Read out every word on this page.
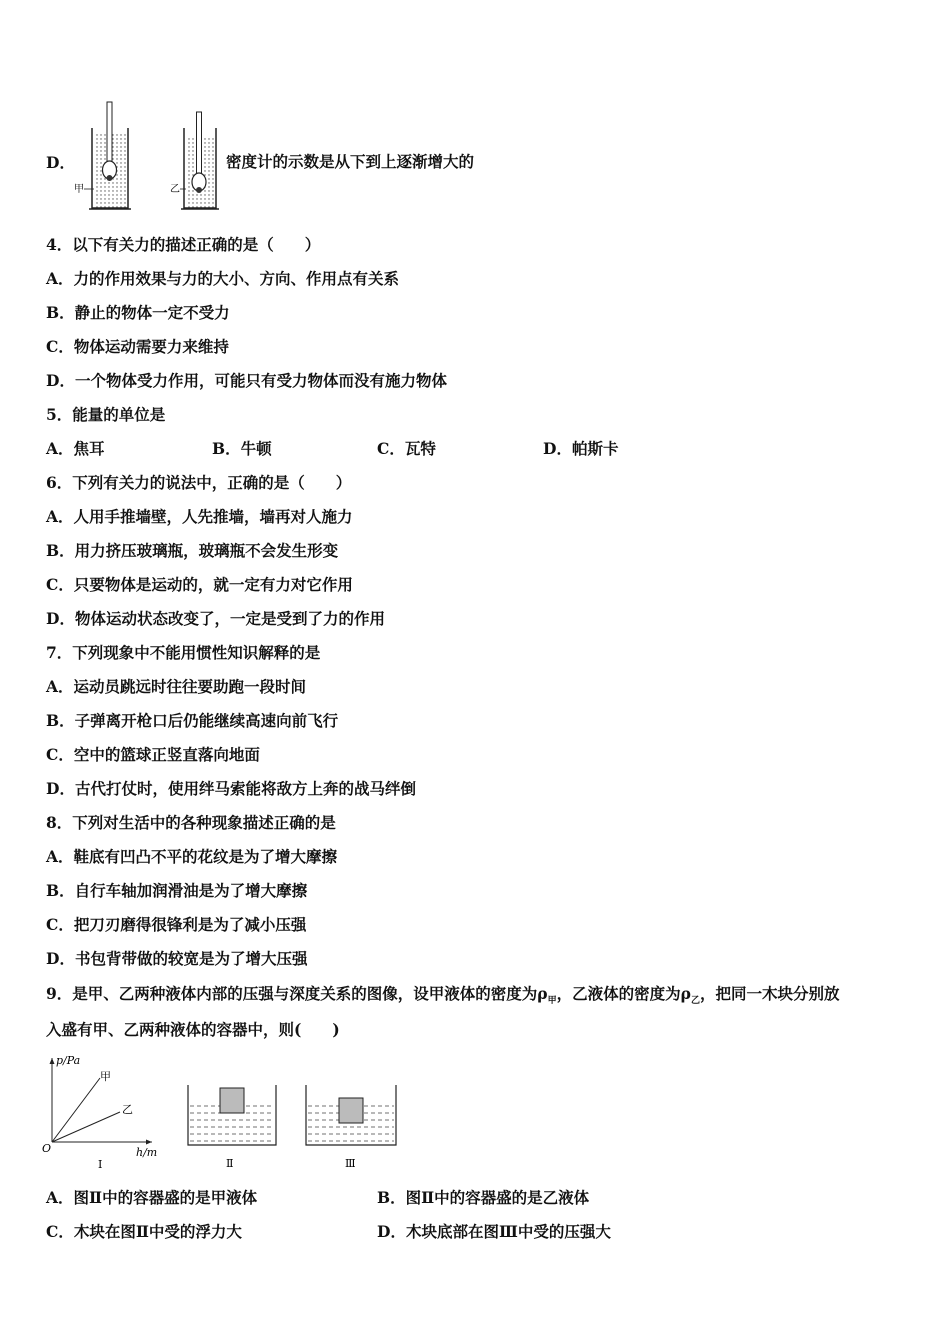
D．
甲	乙
密度计的示数是从下到上逐渐增大的
4．以下有关力的描述正确的是（　　）
A．力的作用效果与力的大小、方向、作用点有关系
B．静止的物体一定不受力
C．物体运动需要力来维持
D．一个物体受力作用，可能只有受力物体而没有施力物体
5．能量的单位是
A．焦耳	B．牛顿	C．瓦特	D．帕斯卡
6．下列有关力的说法中，正确的是（　　）
A．人用手推墙壁，人先推墙，墙再对人施力
B．用力挤压玻璃瓶，玻璃瓶不会发生形变
C．只要物体是运动的，就一定有力对它作用
D．物体运动状态改变了，一定是受到了力的作用
7．下列现象中不能用惯性知识解释的是
A．运动员跳远时往往要助跑一段时间
B．子弹离开枪口后仍能继续高速向前飞行
C．空中的篮球正竖直落向地面
D．古代打仗时，使用绊马索能将敌方上奔的战马绊倒
8．下列对生活中的各种现象描述正确的是
A．鞋底有凹凸不平的花纹是为了增大摩擦
B．自行车轴加润滑油是为了增大摩擦
C．把刀刃磨得很锋利是为了减小压强
D．书包背带做的较宽是为了增大压强
9．是甲、乙两种液体内部的压强与深度关系的图像，设甲液体的密度为$\rho_甲$，乙液体的密度为$\rho_乙$，把同一木块分别放
入盛有甲、乙两种液体的容器中，则(　　)
p/Pa
h/m
O
甲
乙
Ⅰ	Ⅱ	Ⅲ
A．图Ⅱ中的容器盛的是甲液体	B．图Ⅱ中的容器盛的是乙液体
C．木块在图Ⅱ中受的浮力大	D．木块底部在图Ⅲ中受的压强大
